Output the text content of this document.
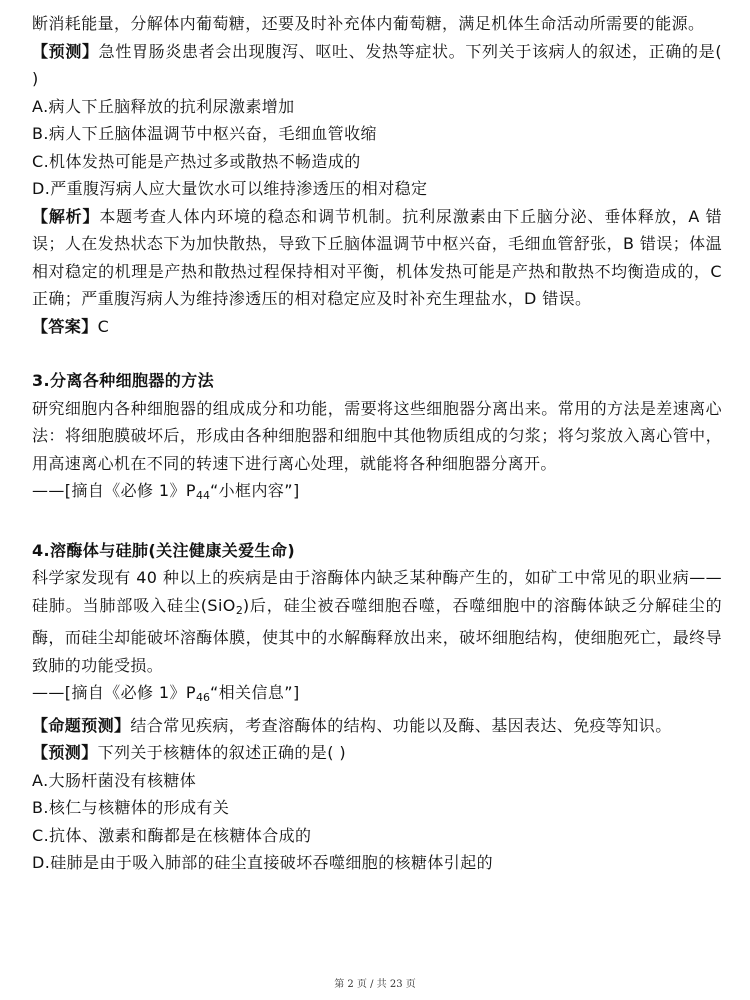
断消耗能量，分解体内葡萄糖，还要及时补充体内葡萄糖，满足机体生命活动所需要的能源。

【预测】急性胃肠炎患者会出现腹泻、呕吐、发热等症状。下列关于该病人的叙述，正确的是( )

A.病人下丘脑释放的抗利尿激素增加

B.病人下丘脑体温调节中枢兴奋，毛细血管收缩

C.机体发热可能是产热过多或散热不畅造成的

D.严重腹泻病人应大量饮水可以维持渗透压的相对稳定

【解析】本题考查人体内环境的稳态和调节机制。抗利尿激素由下丘脑分泌、垂体释放，A 错误；人在发热状态下为加快散热，导致下丘脑体温调节中枢兴奋，毛细血管舒张，B 错误；体温相对稳定的机理是产热和散热过程保持相对平衡，机体发热可能是产热和散热不均衡造成的，C 正确；严重腹泻病人为维持渗透压的相对稳定应及时补充生理盐水，D 错误。

【答案】C

3.分离各种细胞器的方法

研究细胞内各种细胞器的组成成分和功能，需要将这些细胞器分离出来。常用的方法是差速离心法：将细胞膜破坏后，形成由各种细胞器和细胞中其他物质组成的匀浆；将匀浆放入离心管中，用高速离心机在不同的转速下进行离心处理，就能将各种细胞器分离开。

——[摘自《必修 1》$P_{44}“$小框内容”]

4.溶酶体与硅肺(关注健康关爱生命)

科学家发现有 40 种以上的疾病是由于溶酶体内缺乏某种酶产生的，如矿工中常见的职业病——硅肺。当肺部吸入硅尘(SiO$_2$)后，硅尘被吞噬细胞吞噬，吞噬细胞中的溶酶体缺乏分解硅尘的酶，而硅尘却能破坏溶酶体膜，使其中的水解酶释放出来，破坏细胞结构，使细胞死亡，最终导致肺的功能受损。

——[摘自《必修 1》$P_{46}“$相关信息”]

【命题预测】结合常见疾病，考查溶酶体的结构、功能以及酶、基因表达、免疫等知识。

【预测】下列关于核糖体的叙述正确的是( )

A.大肠杆菌没有核糖体

B.核仁与核糖体的形成有关

C.抗体、激素和酶都是在核糖体合成的

D.硅肺是由于吸入肺部的硅尘直接破坏吞噬细胞的核糖体引起的

第 2 页 / 共 23 页
